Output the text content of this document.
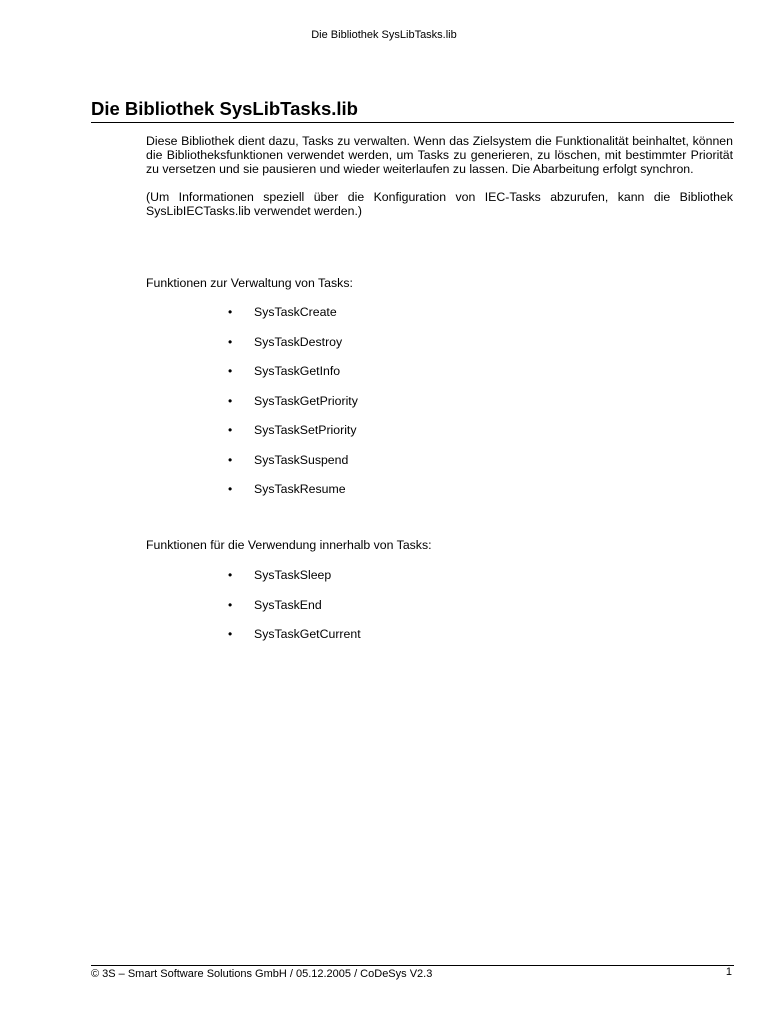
Die Bibliothek SysLibTasks.lib
Die Bibliothek SysLibTasks.lib

Diese Bibliothek dient dazu, Tasks zu verwalten. Wenn das Zielsystem die Funktionalität beinhaltet, können die Bibliotheksfunktionen verwendet werden, um Tasks zu generieren, zu löschen, mit bestimmter Priorität zu versetzen und sie pausieren und wieder weiterlaufen zu lassen. Die Abarbeitung erfolgt synchron.

(Um Informationen speziell über die Konfiguration von IEC-Tasks abzurufen, kann die Bibliothek SysLibIECTasks.lib verwendet werden.)

Funktionen zur Verwaltung von Tasks:
•	SysTaskCreate
•	SysTaskDestroy
•	SysTaskGetInfo
•	SysTaskGetPriority
•	SysTaskSetPriority
•	SysTaskSuspend
•	SysTaskResume
Funktionen für die Verwendung innerhalb von Tasks:
•	SysTaskSleep
•	SysTaskEnd
•	SysTaskGetCurrent
© 3S – Smart Software Solutions GmbH / 05.12.2005 / CoDeSys V2.3	1
